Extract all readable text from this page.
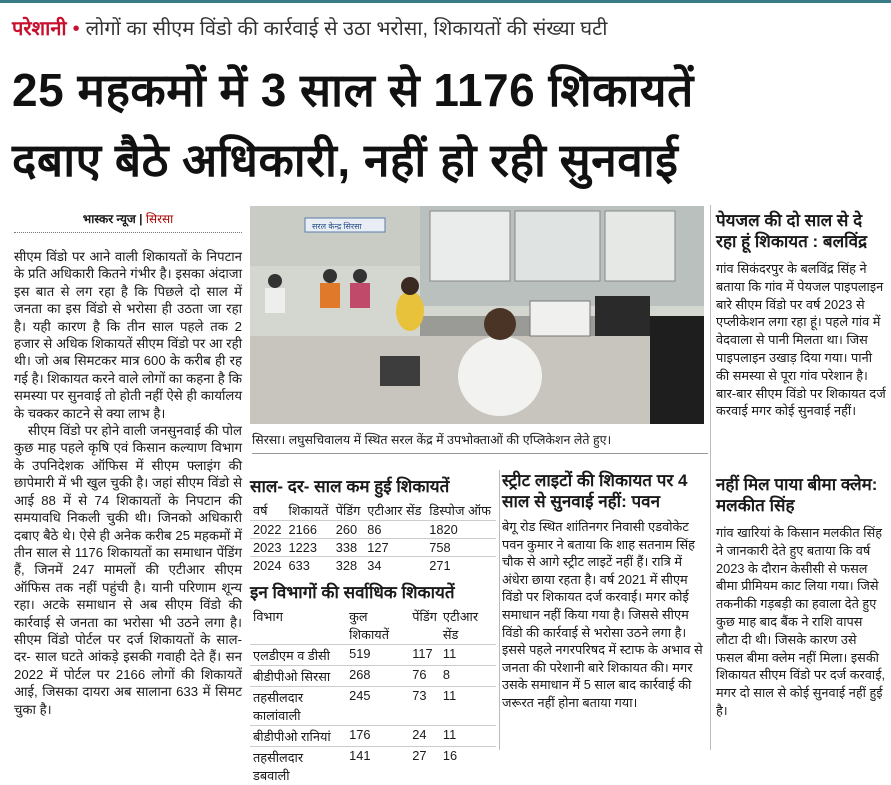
परेशानी • लोगों का सीएम विंडो की कार्रवाई से उठा भरोसा, शिकायतों की संख्या घटी
25 महकमों में 3 साल से 1176 शिकायतें
दबाए बैठे अधिकारी, नहीं हो रही सुनवाई
भास्कर न्यूज | सिरसा

सीएम विंडो पर आने वाली शिकायतों के निपटान के प्रति अधिकारी कितने गंभीर है। इसका अंदाजा इस बात से लग रहा है कि पिछले दो साल में जनता का इस विंडो से भरोसा ही उठता जा रहा है। यही कारण है कि तीन साल पहले तक 2 हजार से अधिक शिकायतें सीएम विंडो पर आ रही थी। जो अब सिमटकर मात्र 600 के करीब ही रह गई है। शिकायत करने वाले लोगों का कहना है कि समस्या पर सुनवाई तो होती नहीं ऐसे ही कार्यालय के चक्कर काटने से क्या लाभ है।

सीएम विंडो पर होने वाली जनसुनवाई की पोल कुछ माह पहले कृषि एवं किसान कल्याण विभाग के उपनिदेशक ऑफिस में सीएम फ्लाइंग की छापेमारी में भी खुल चुकी है। जहां सीएम विंडो से आई 88 में से 74 शिकायतों के निपटान की समयावधि निकली चुकी थी। जिनको अधिकारी दबाए बैठे थे। ऐसे ही अनेक करीब 25 महकमों में तीन साल से 1176 शिकायतों का समाधान पेंडिंग हैं, जिनमें 247 मामलों की एटीआर सीएम ऑफिस तक नहीं पहुंची है। यानी परिणाम शून्य रहा। अटके समाधान से अब सीएम विंडो की कार्रवाई से जनता का भरोसा भी उठने लगा है। सीएम विंडो पोर्टल पर दर्ज शिकायतों के साल- दर- साल घटते आंकड़े इसकी गवाही देते हैं। सन 2022 में पोर्टल पर 2166 लोगों की शिकायतें आई, जिसका दायरा अब सालाना 633 में सिमट चुका है।

सरल केन्द्र सिरसा
सिरसा। लघुसचिवालय में स्थित सरल केंद्र में उपभोक्ताओं की एप्लिकेशन लेते हुए।
साल- दर- साल कम हुई शिकायतें
वर्ष	शिकायतें	पेंडिंग	एटीआर सेंड	डिस्पोज ऑफ
2022	2166	260	86	1820
2023	1223	338	127	758
2024	633	328	34	271
इन विभागों की सर्वाधिक शिकायतें
विभाग	कुल शिकायतें	पेंडिंग	एटीआर सेंड
एलडीएम व डीसी	519	117	11
बीडीपीओ सिरसा	268	76	8
तहसीलदार कालांवाली	245	73	11
बीडीपीओ रानियां	176	24	11
तहसीलदार डबवाली	141	27	16
स्ट्रीट लाइटों की शिकायत पर 4 साल से सुनवाई नहीं: पवन
बेगू रोड स्थित शांतिनगर निवासी एडवोकेट पवन कुमार ने बताया कि शाह सतनाम सिंह चौक से आगे स्ट्रीट लाइटें नहीं हैं। रात्रि में अंधेरा छाया रहता है। वर्ष 2021 में सीएम विंडो पर शिकायत दर्ज करवाई। मगर कोई समाधान नहीं किया गया है। जिससे सीएम विंडो की कार्रवाई से भरोसा उठने लगा है। इससे पहले नगरपरिषद में स्टाफ के अभाव से जनता की परेशानी बारे शिकायत की। मगर उसके समाधान में 5 साल बाद कार्रवाई की जरूरत नहीं होना बताया गया।
पेयजल की दो साल से दे रहा हूं शिकायत : बलविंद्र
गांव सिकंदरपुर के बलविंद्र सिंह ने बताया कि गांव में पेयजल पाइपलाइन बारे सीएम विंडो पर वर्ष 2023 से एप्लीकेशन लगा रहा हूं। पहले गांव में वेदवाला से पानी मिलता था। जिस पाइपलाइन उखाड़ दिया गया। पानी की समस्या से पूरा गांव परेशान है। बार-बार सीएम विंडो पर शिकायत दर्ज करवाई मगर कोई सुनवाई नहीं।
नहीं मिल पाया बीमा क्लेम: मलकीत सिंह
गांव खारियां के किसान मलकीत सिंह ने जानकारी देते हुए बताया कि वर्ष 2023 के दौरान केसीसी से फसल बीमा प्रीमियम काट लिया गया। जिसे तकनीकी गड़बड़ी का हवाला देते हुए कुछ माह बाद बैंक ने राशि वापस लौटा दी थी। जिसके कारण उसे फसल बीमा क्लेम नहीं मिला। इसकी शिकायत सीएम विंडो पर दर्ज करवाई, मगर दो साल से कोई सुनवाई नहीं हुई है।
